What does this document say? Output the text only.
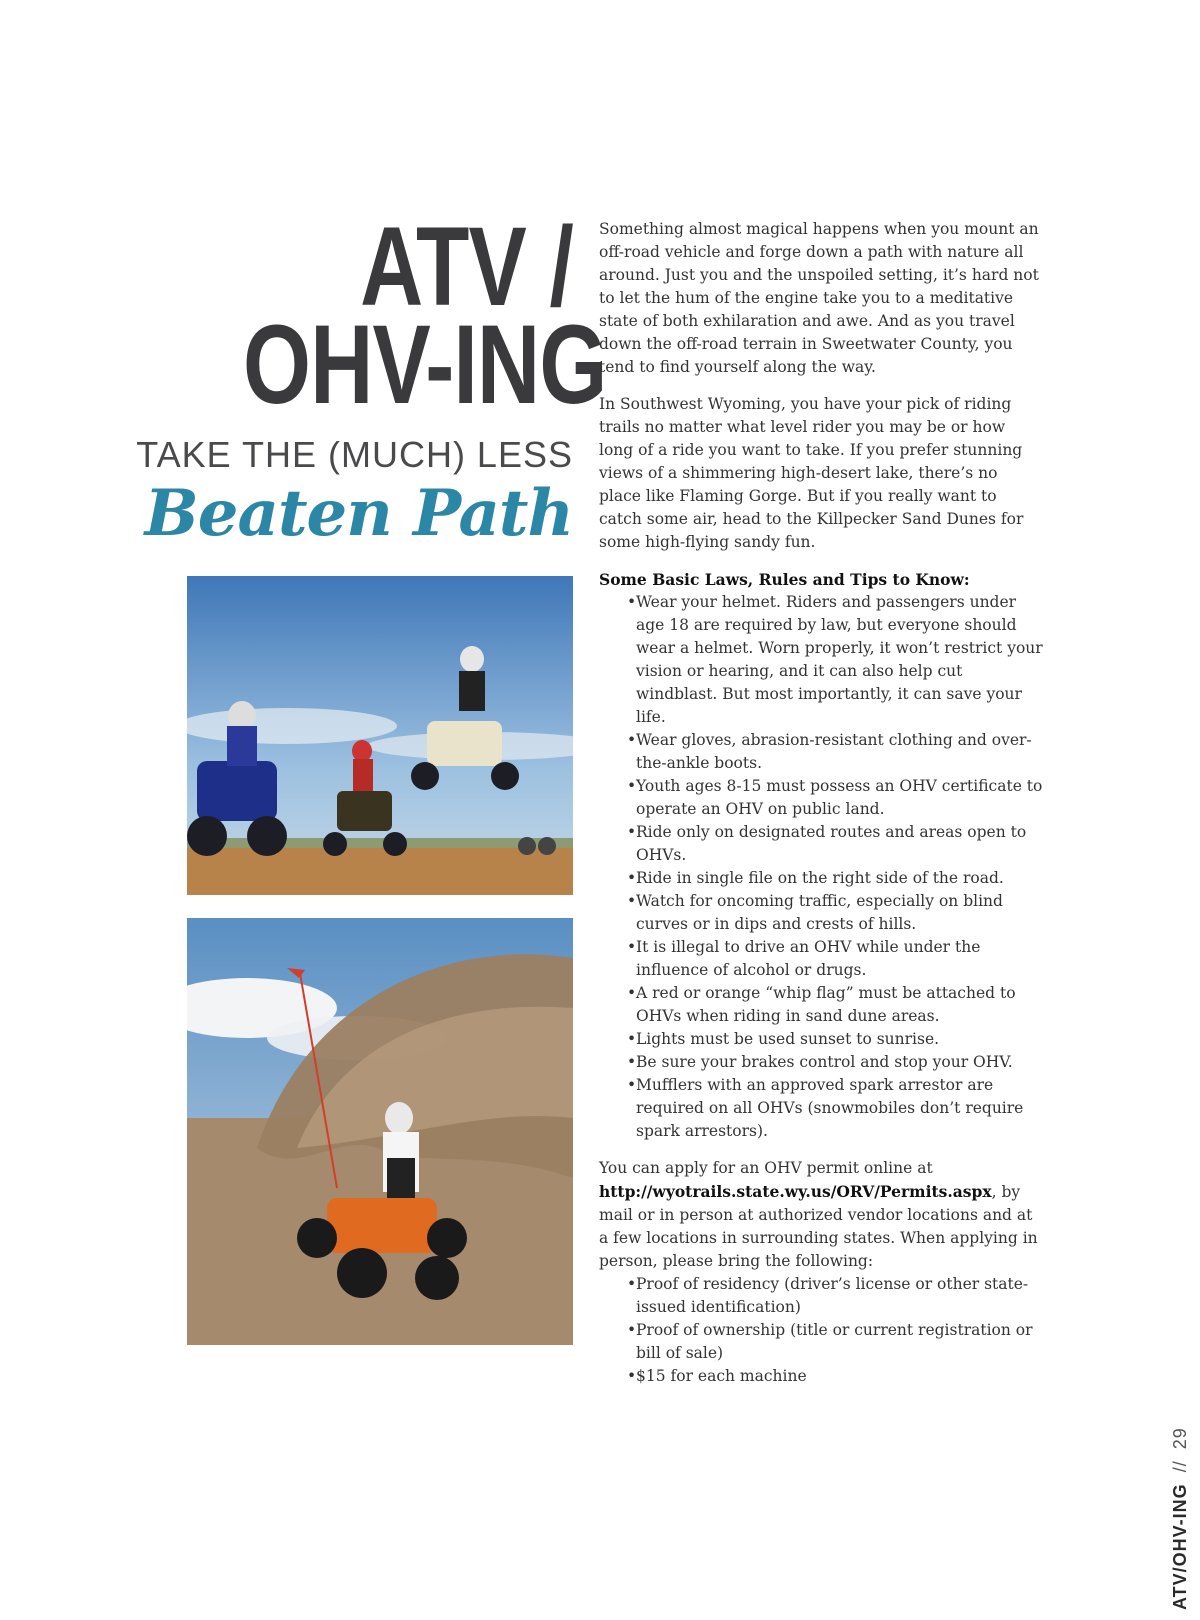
ATV /
OHV-ING
TAKE THE (MUCH) LESS
Beaten Path

Something almost magical happens when you mount an off-road vehicle and forge down a path with nature all around. Just you and the unspoiled setting, it’s hard not to let the hum of the engine take you to a meditative state of both exhilaration and awe. And as you travel down the off-road terrain in Sweetwater County, you tend to find yourself along the way.

In Southwest Wyoming, you have your pick of riding trails no matter what level rider you may be or how long of a ride you want to take. If you prefer stunning views of a shimmering high-desert lake, there’s no place like Flaming Gorge. But if you really want to catch some air, head to the Killpecker Sand Dunes for some high-flying sandy fun.

Some Basic Laws, Rules and Tips to Know:
• Wear your helmet. Riders and passengers under age 18 are required by law, but everyone should wear a helmet. Worn properly, it won’t restrict your vision or hearing, and it can also help cut windblast. But most importantly, it can save your life.
• Wear gloves, abrasion-resistant clothing and over-the-ankle boots.
• Youth ages 8-15 must possess an OHV certificate to operate an OHV on public land.
• Ride only on designated routes and areas open to OHVs.
• Ride in single file on the right side of the road.
• Watch for oncoming traffic, especially on blind curves or in dips and crests of hills.
• It is illegal to drive an OHV while under the influence of alcohol or drugs.
• A red or orange “whip flag” must be attached to OHVs when riding in sand dune areas.
• Lights must be used sunset to sunrise.
• Be sure your brakes control and stop your OHV.
• Mufflers with an approved spark arrestor are required on all OHVs (snowmobiles don’t require spark arrestors).

You can apply for an OHV permit online at http://wyotrails.state.wy.us/ORV/Permits.aspx, by mail or in person at authorized vendor locations and at a few locations in surrounding states. When applying in person, please bring the following:

• Proof of residency (driver’s license or other state-issued identification)
• Proof of ownership (title or current registration or bill of sale)
• $15 for each machine
ATV/OHV-ING // 29
